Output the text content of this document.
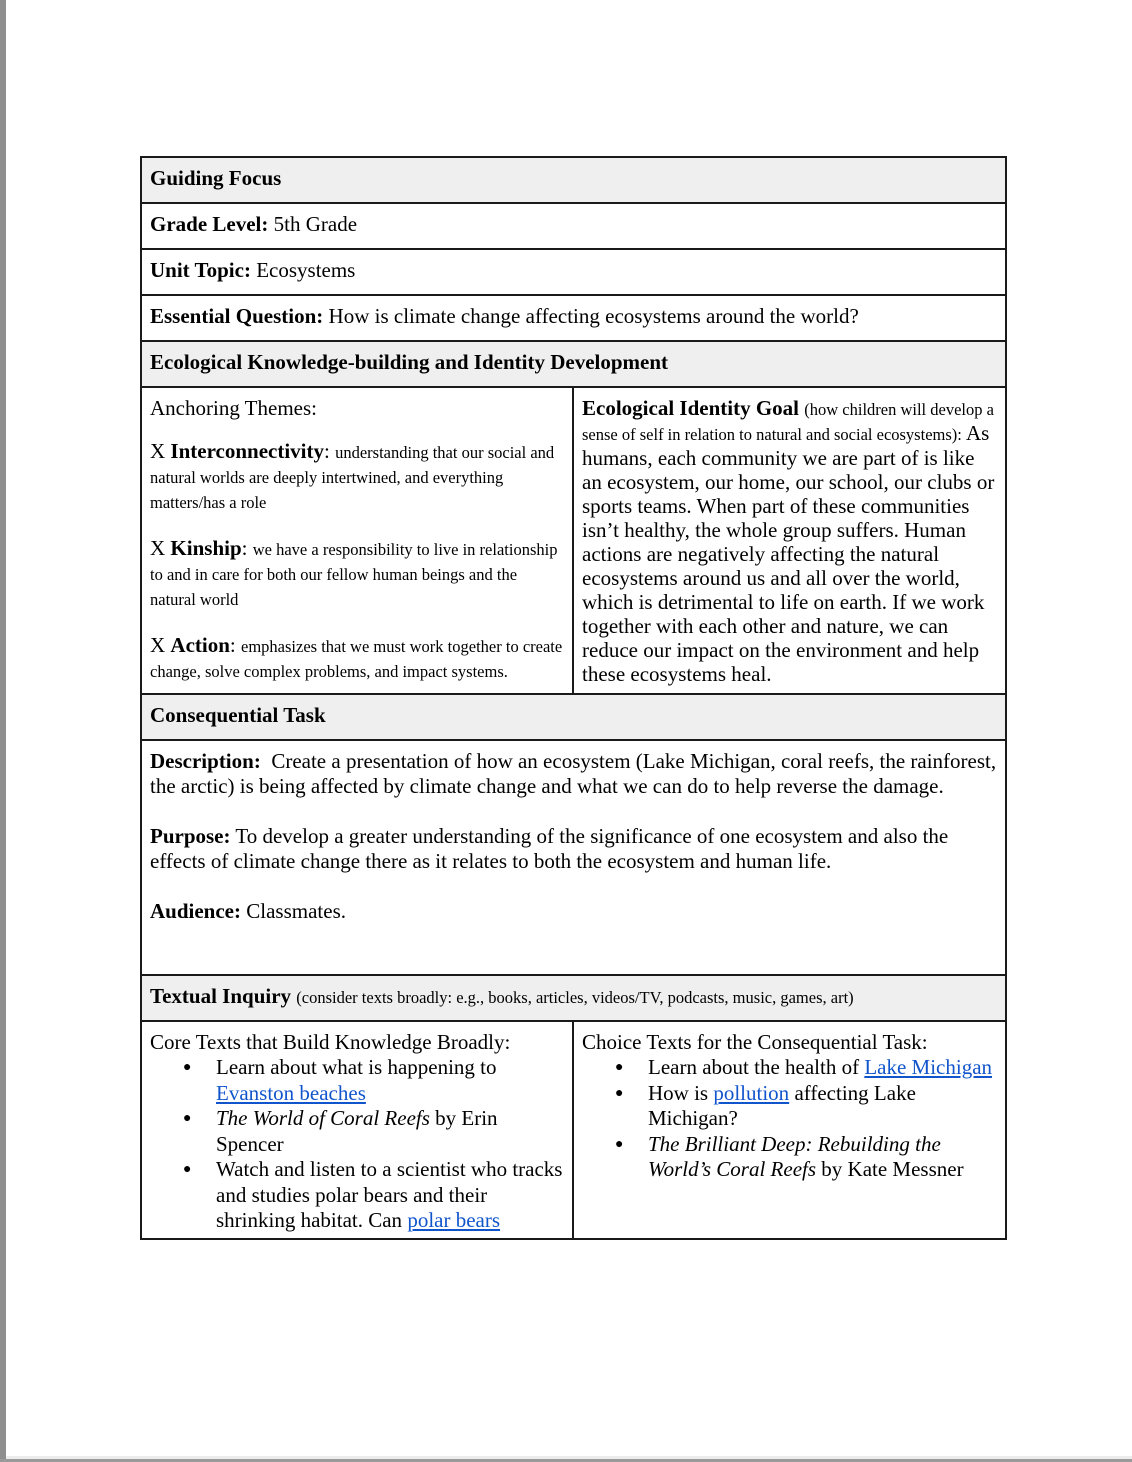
Guiding Focus	
Grade Level: 5th Grade	
Unit Topic: Ecosystems	
Essential Question: How is climate change affecting ecosystems around the world?	
Ecological Knowledge-building and Identity Development	

Anchoring Themes:
X Interconnectivity: understanding that our social and natural worlds are deeply intertwined, and everything matters/has a role
X Kinship: we have a responsibility to live in relationship to and in care for both our fellow human beings and the natural world
X Action: emphasizes that we must work together to create change, solve complex problems, and impact systems.

Ecological Identity Goal (how children will develop a sense of self in relation to natural and social ecosystems): As humans, each community we are part of is like an ecosystem, our home, our school, our clubs or sports teams. When part of these communities isn’t healthy, the whole group suffers. Human actions are negatively affecting the natural ecosystems around us and all over the world, which is detrimental to life on earth. If we work together with each other and nature, we can reduce our impact on the environment and help these ecosystems heal.

Consequential Task	

Description: Create a presentation of how an ecosystem (Lake Michigan, coral reefs, the rainforest, the arctic) is being affected by climate change and what we can do to help reverse the damage.
Purpose: To develop a greater understanding of the significance of one ecosystem and also the effects of climate change there as it relates to both the ecosystem and human life.
Audience: Classmates.	

Textual Inquiry (consider texts broadly: e.g., books, articles, videos/TV, podcasts, music, games, art)	

Core Texts that Build Knowledge Broadly:
● Learn about what is happening to Evanston beaches
● The World of Coral Reefs by Erin Spencer
● Watch and listen to a scientist who tracks and studies polar bears and their shrinking habitat. Can polar bears

Choice Texts for the Consequential Task:
● Learn about the health of Lake Michigan
● How is pollution affecting Lake Michigan?
● The Brilliant Deep: Rebuilding the World’s Coral Reefs by Kate Messner
